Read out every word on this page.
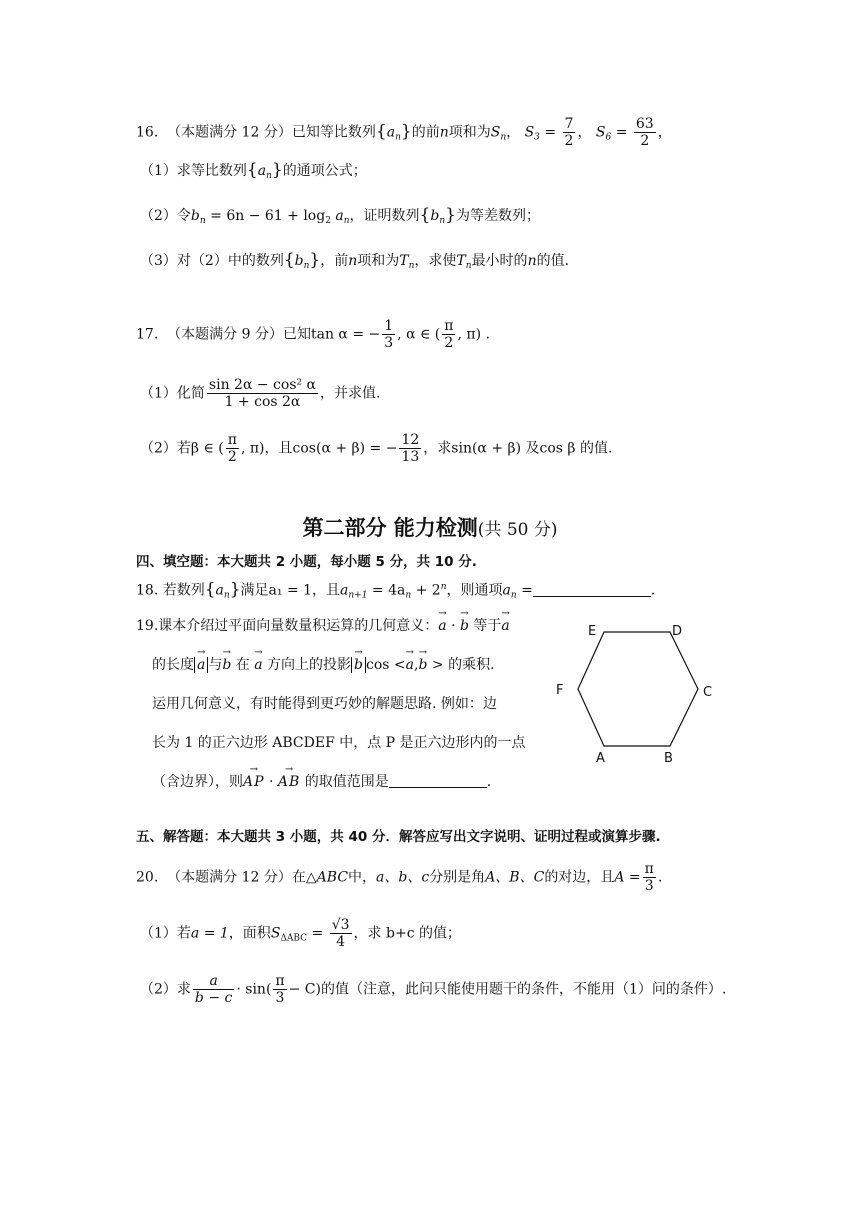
16. （本题满分 12 分）已知等比数列$\{a_n\}$的前n项和为$S_n$， $S_3 = \frac{7}{2}$ ， $S_6 = \frac{63}{2}$ ，
（1）求等比数列$\{a_n\}$的通项公式；
（2）令$b_n = 6n - 61 + \log_2 a_n$，证明数列$\{b_n\}$为等差数列；
（3）对（2）中的数列$\{b_n\}$，前n项和为$T_n$，求使$T_n$最小时的n的值.
17. （本题满分 9 分）已知tan α = − $\frac{1}{3}$ , α ∈ ( $\frac{\pi}{2}$ , π) .
（1）化简 $\frac{\text{sin 2α − cos² α}}{1 + \cos 2\alpha}$ ，并求值.
（2）若β ∈ ( $\frac{\pi}{2}$ , π)，且cos(α + β) = − $\frac{12}{13}$ ，求sin(α + β) 及cos β 的值.
第二部分 能力检测(共 50 分)
四、填空题：本大题共 2 小题，每小题 5 分，共 10 分.
18. 若数列$\{a_n\}$满足a₁ = 1，且$a_{n+1} = 4a_n + 2^n$，则通项$a_n$ =	.
19.课本介绍过平面向量数量积运算的几何意义：→ a · → b 等于→ a
的长度 → a 与→ b 在 → a 方向上的投影 → b cos <→ a,→ b > 的乘积.
运用几何意义，有时能得到更巧妙的解题思路. 例如：边
长为 1 的正六边形 ABCDEF 中，点 P 是正六边形内的一点
（含边界），则→ AP · → AB 的取值范围是	.
E	D
F	C
A	B
五、解答题：本大题共 3 小题，共 40 分．解答应写出文字说明、证明过程或演算步骤.
20. （本题满分 12 分）在△ABC中，a、b、c分别是角A、B、C的对边，且$A = \frac{\pi}{3}$ .
（1）若a = 1，面积$S_{\Delta ABC} = \frac{√3}{4}$ ，求 b+c 的值；
（2）求 $\frac{a}{b - c} \cdot \sin( \frac{\pi}{3} - C)$的值（注意，此问只能使用题干的条件，不能用（1）问的条件）.
